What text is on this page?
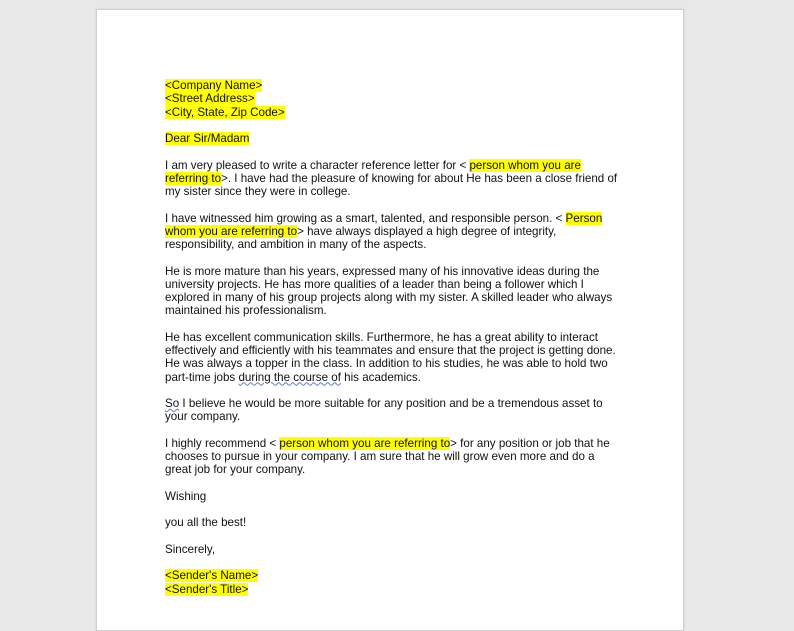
<Company Name>
<Street Address>
<City, State, Zip Code>
Dear Sir/Madam
I am very pleased to write a character reference letter for < person whom you are
referring to>. I have had the pleasure of knowing for about He has been a close friend of
my sister since they were in college.
I have witnessed him growing as a smart, talented, and responsible person. < Person
whom you are referring to> have always displayed a high degree of integrity,
responsibility, and ambition in many of the aspects.
He is more mature than his years, expressed many of his innovative ideas during the
university projects. He has more qualities of a leader than being a follower which I
explored in many of his group projects along with my sister. A skilled leader who always
maintained his professionalism.
He has excellent communication skills. Furthermore, he has a great ability to interact
effectively and efficiently with his teammates and ensure that the project is getting done.
He was always a topper in the class. In addition to his studies, he was able to hold two
part-time jobs during the course of his academics.
So I believe he would be more suitable for any position and be a tremendous asset to
your company.
I highly recommend < person whom you are referring to> for any position or job that he
chooses to pursue in your company. I am sure that he will grow even more and do a
great job for your company.
Wishing
you all the best!
Sincerely,
<Sender's Name>
<Sender's Title>
